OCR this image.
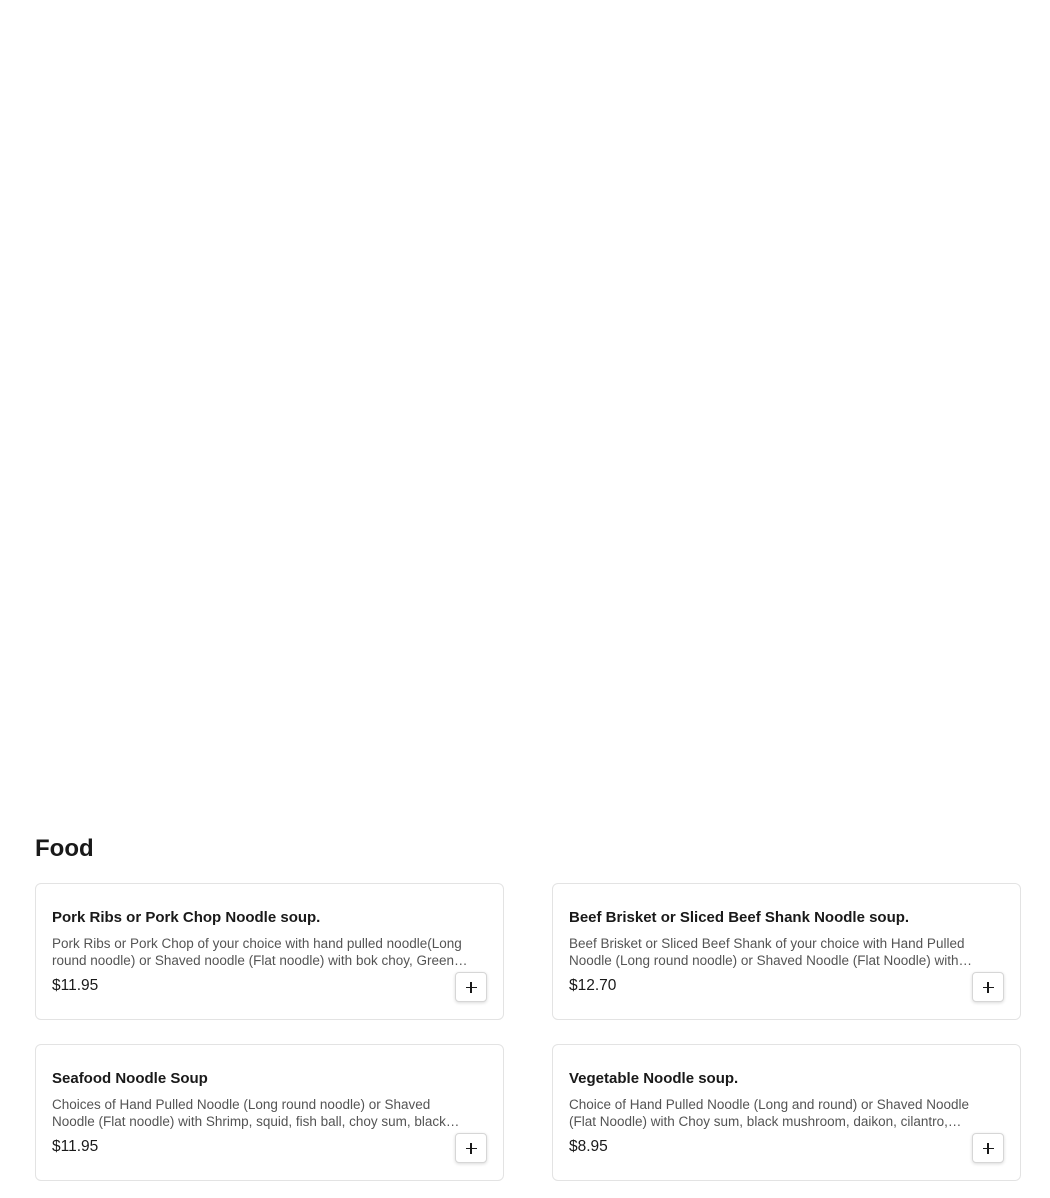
Food
Pork Ribs or Pork Chop Noodle soup.
Pork Ribs or Pork Chop of your choice with hand pulled noodle(Long round noodle) or Shaved noodle (Flat noodle) with bok choy, Green…
$11.95
Beef Brisket or Sliced Beef Shank Noodle soup.
Beef Brisket or Sliced Beef Shank of your choice with Hand Pulled Noodle (Long round noodle) or Shaved Noodle (Flat Noodle) with…
$12.70
Seafood Noodle Soup
Choices of Hand Pulled Noodle (Long round noodle) or Shaved Noodle (Flat noodle) with Shrimp, squid, fish ball, choy sum, black…
$11.95
Vegetable Noodle soup.
Choice of Hand Pulled Noodle (Long and round) or Shaved Noodle (Flat Noodle) with Choy sum, black mushroom, daikon, cilantro,…
$8.95
